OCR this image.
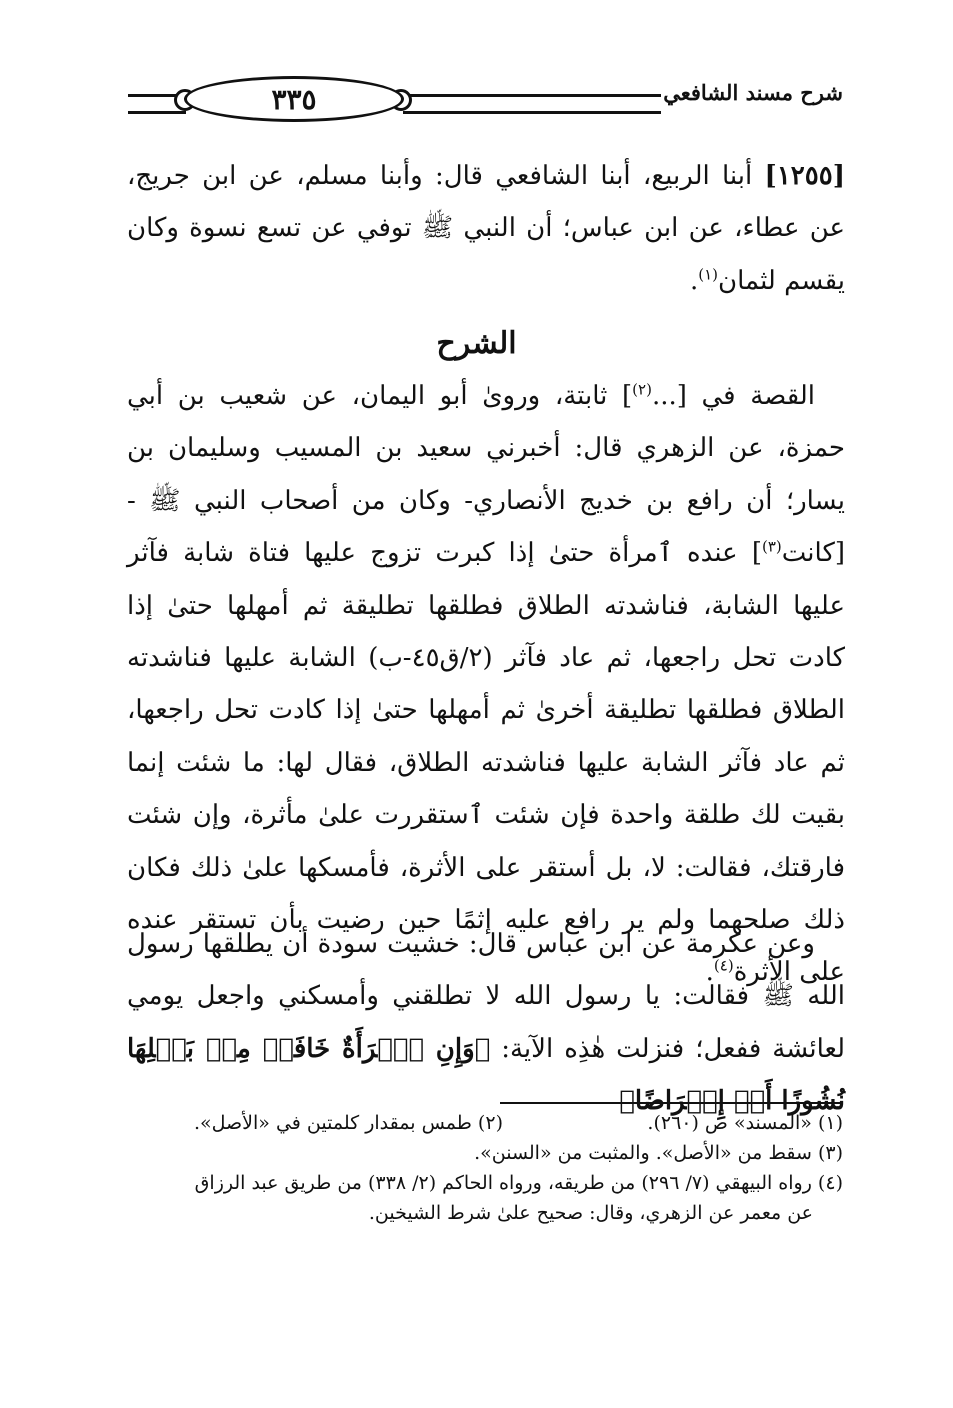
شرح مسند الشافعي
٣٣٥
[١٢٥٥] أبنا الربيع، أبنا الشافعي قال: وأبنا مسلم، عن ابن جريج، عن عطاء، عن ابن عباس؛ أن النبي ﷺ توفي عن تسع نسوة وكان يقسم لثمان$^{(١)}$.
الشرح
القصة في [...$^{(٢)}$] ثابتة، وروىٰ أبو اليمان، عن شعيب بن أبي حمزة، عن الزهري قال: أخبرني سعيد بن المسيب وسليمان بن يسار؛ أن رافع بن خديج الأنصاري- وكان من أصحاب النبي ﷺ - [كانت$^{(٣)}$] عنده ٱمرأة حتىٰ إذا كبرت تزوج عليها فتاة شابة فآثر عليها الشابة، فناشدته الطلاق فطلقها تطليقة ثم أمهلها حتىٰ إذا كادت تحل راجعها، ثم عاد فآثر (٢/ق٤٥-ب) الشابة عليها فناشدته الطلاق فطلقها تطليقة أخرىٰ ثم أمهلها حتىٰ إذا كادت تحل راجعها، ثم عاد فآثر الشابة عليها فناشدته الطلاق، فقال لها: ما شئت إنما بقيت لك طلقة واحدة فإن شئت ٱستقررت علىٰ مأثرة، وإن شئت فارقتك، فقالت: لا، بل أستقر على الأثرة، فأمسكها علىٰ ذلك فكان ذلك صلحهما ولم ير رافع عليه إثمًا حين رضيت بأن تستقر عنده على الأثرة$^{(٤)}$.
وعن عكرمة عن ابن عباس قال: خشيت سودة أن يطلقها رسول الله ﷺ فقالت: يا رسول الله لا تطلقني وأمسكني واجعل يومي لعائشة ففعل؛ فنزلت هٰذِه الآية: ﴿وَإِنِ ٱمۡرَأَةٌ خَافَتۡ مِنۢ بَعۡلِهَا نُشُوزًا أَوۡ إِعۡرَاضًا﴾
(١) «المسند» ص (٢٦٠).
(٢) طمس بمقدار كلمتين في «الأصل».
(٣) سقط من «الأصل». والمثبت من «السنن».
(٤) رواه البيهقي (٧/ ٢٩٦) من طريقه، ورواه الحاكم (٢/ ٣٣٨) من طريق عبد الرزاق
عن معمر عن الزهري، وقال: صحيح علىٰ شرط الشيخين.
